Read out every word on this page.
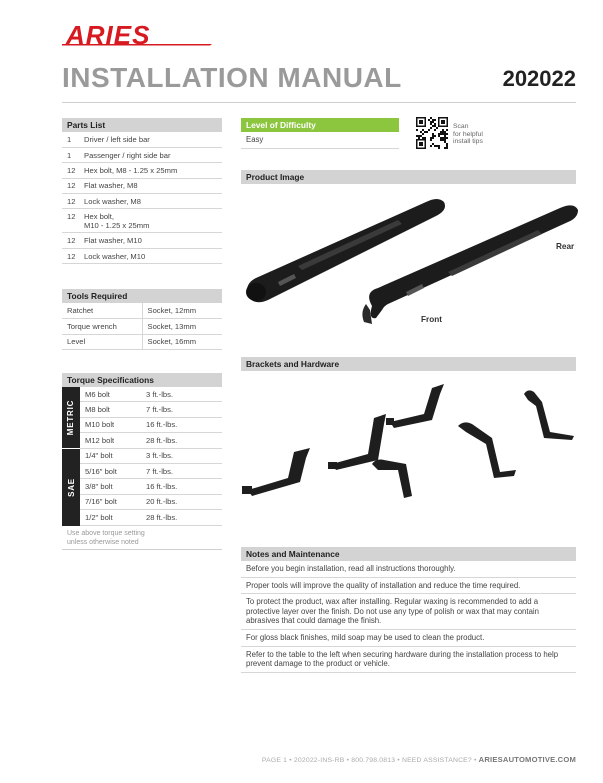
ARIES
INSTALLATION MANUAL	202022
Parts List
1	Driver / left side bar
1	Passenger / right side bar
12	Hex bolt, M8 - 1.25 x 25mm
12	Flat washer, M8
12	Lock washer, M8
12	Hex bolt,
M10 - 1.25 x 25mm

12	Flat washer, M10
12	Lock washer, M10
Tools Required
Ratchet	Socket, 12mm
Torque wrench	Socket, 13mm
Level	Socket, 16mm
Torque Specifications
METRIC
SAE
M6 bolt	3 ft.-lbs.
M8 bolt	7 ft.-lbs.
M10 bolt	16 ft.-lbs.
M12 bolt	28 ft.-lbs.
1/4" bolt	3 ft.-lbs.
5/16" bolt	7 ft.-lbs.
3/8" bolt	16 ft.-lbs.
7/16" bolt	20 ft.-lbs.
1/2" bolt	28 ft.-lbs.
Use above torque setting
unless otherwise noted
Level of Difficulty
Easy
Scan
for helpful
install tips
Product Image
Rear
Front
Brackets and Hardware
Notes and Maintenance
Before you begin installation, read all instructions thoroughly.
Proper tools will improve the quality of installation and reduce the time required.
To protect the product, wax after installing. Regular waxing is recommended to add a protective layer over the finish. Do not use any type of polish or wax that may contain abrasives that could damage the finish.
For gloss black finishes, mild soap may be used to clean the product.
Refer to the table to the left when securing hardware during the installation process to help prevent damage to the product or vehicle.
PAGE 1 • 202022-INS-RB • 800.798.0813 • NEED ASSISTANCE? • ARIESAUTOMOTIVE.COM
